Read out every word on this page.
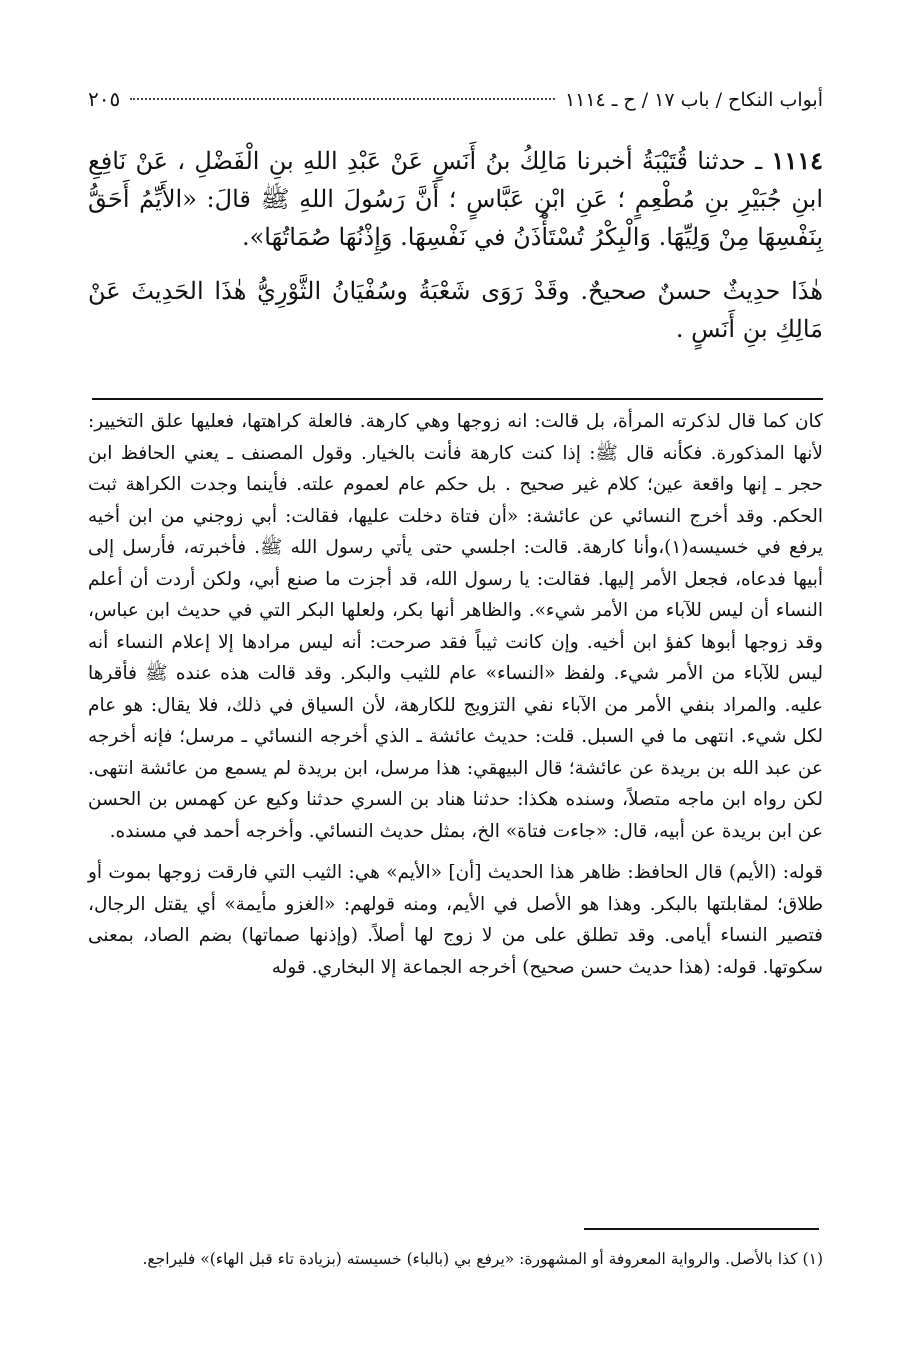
أبواب النكاح / باب ١٧ / ح ـ ١١١٤
٢٠٥

١١١٤ ـ حدثنا قُتَيْبَةُ أخبرنا مَالِكُ بنُ أَنَسٍ عَنْ عَبْدِ اللهِ بنِ الْفَضْلِ ، عَنْ نَافِعِ ابنِ جُبَيْرِ بنِ مُطْعِمٍ ؛ عَنِ ابْنِ عَبَّاسٍ ؛ أَنَّ رَسُولَ اللهِ ﷺ قالَ: «الأَيِّمُ أَحَقُّ بِنَفْسِهَا مِنْ وَلِيِّهَا. وَالْبِكْرُ تُسْتَأْذَنُ في نَفْسِهَا. وَإِذْنُهَا صُمَاتُهَا».

هٰذَا حدِيثٌ حسنٌ صحيحٌ. وقَدْ رَوَى شَعْبَةُ وسُفْيَانُ الثَّوْرِيُّ هٰذَا الحَدِيثَ عَنْ مَالِكِ بنِ أَنَسٍ .

كان كما قال لذكرته المرأة، بل قالت: انه زوجها وهي كارهة. فالعلة كراهتها، فعليها علق التخيير: لأنها المذكورة. فكأنه قال ﷺ: إذا كنت كارهة فأنت بالخيار. وقول المصنف ـ يعني الحافظ ابن حجر ـ إنها واقعة عين؛ كلام غير صحيح . بل حكم عام لعموم علته. فأينما وجدت الكراهة ثبت الحكم. وقد أخرج النسائي عن عائشة: «أن فتاة دخلت عليها، فقالت: أبي زوجني من ابن أخيه يرفع في خسيسه(١)،وأنا كارهة. قالت: اجلسي حتى يأتي رسول الله ﷺ. فأخبرته، فأرسل إلى أبيها فدعاه، فجعل الأمر إليها. فقالت: يا رسول الله، قد أجزت ما صنع أبي، ولكن أردت أن أعلم النساء أن ليس للآباء من الأمر شيء». والظاهر أنها بكر، ولعلها البكر التي في حديث ابن عباس، وقد زوجها أبوها كفؤ ابن أخيه. وإن كانت ثيباً فقد صرحت: أنه ليس مرادها إلا إعلام النساء أنه ليس للآباء من الأمر شيء. ولفظ «النساء» عام للثيب والبكر. وقد قالت هذه عنده ﷺ فأقرها عليه. والمراد بنفي الأمر من الآباء نفي التزويج للكارهة، لأن السياق في ذلك، فلا يقال: هو عام لكل شيء. انتهى ما في السبل. قلت: حديث عائشة ـ الذي أخرجه النسائي ـ مرسل؛ فإنه أخرجه عن عبد الله بن بريدة عن عائشة؛ قال البيهقي: هذا مرسل، ابن بريدة لم يسمع من عائشة انتهى. لكن رواه ابن ماجه متصلاً، وسنده هكذا: حدثنا هناد بن السري حدثنا وكيع عن كهمس بن الحسن عن ابن بريدة عن أبيه، قال: «جاءت فتاة» الخ، بمثل حديث النسائي. وأخرجه أحمد في مسنده.

قوله: (الأيم) قال الحافظ: ظاهر هذا الحديث [أن] «الأيم» هي: الثيب التي فارقت زوجها بموت أو طلاق؛ لمقابلتها بالبكر. وهذا هو الأصل في الأيم، ومنه قولهم: «الغزو مأيمة» أي يقتل الرجال، فتصير النساء أيامى. وقد تطلق على من لا زوج لها أصلاً. (وإذنها صماتها) بضم الصاد، بمعنى سكوتها. قوله: (هذا حديث حسن صحيح) أخرجه الجماعة إلا البخاري. قوله

(١) كذا بالأصل. والرواية المعروفة أو المشهورة: «يرفع بي (بالباء) خسيسته (بزيادة تاء قبل الهاء)» فليراجع.
